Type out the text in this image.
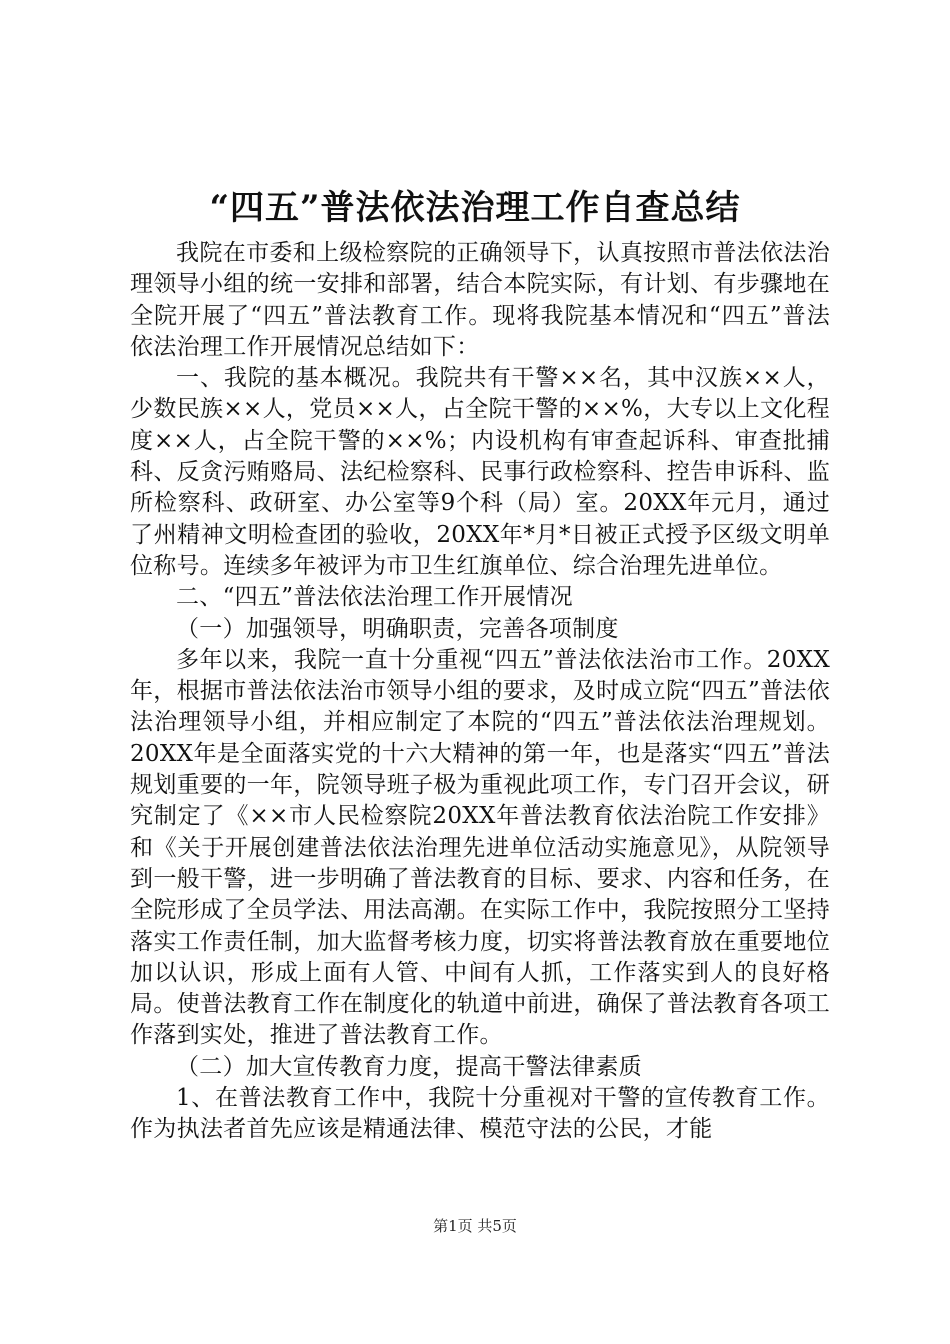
“四五”普法依法治理工作自查总结

我院在市委和上级检察院的正确领导下，认真按照市普法依法治理领导小组的统一安排和部署，结合本院实际，有计划、有步骤地在全院开展了“四五”普法教育工作。现将我院基本情况和“四五”普法依法治理工作开展情况总结如下：

一、我院的基本概况。我院共有干警××名，其中汉族××人，少数民族××人，党员××人，占全院干警的××%，大专以上文化程度××人，占全院干警的××%；内设机构有审查起诉科、审查批捕科、反贪污贿赂局、法纪检察科、民事行政检察科、控告申诉科、监所检察科、政研室、办公室等9个科（局）室。20XX年元月，通过了州精神文明检查团的验收，20XX年*月*日被正式授予区级文明单位称号。连续多年被评为市卫生红旗单位、综合治理先进单位。

二、“四五”普法依法治理工作开展情况

（一）加强领导，明确职责，完善各项制度

多年以来，我院一直十分重视“四五”普法依法治市工作。20XX年，根据市普法依法治市领导小组的要求，及时成立院“四五”普法依法治理领导小组，并相应制定了本院的“四五”普法依法治理规划。20XX年是全面落实党的十六大精神的第一年，也是落实“四五”普法规划重要的一年，院领导班子极为重视此项工作，专门召开会议，研究制定了《××市人民检察院20XX年普法教育依法治院工作安排》和《关于开展创建普法依法治理先进单位活动实施意见》，从院领导到一般干警，进一步明确了普法教育的目标、要求、内容和任务，在全院形成了全员学法、用法高潮。在实际工作中，我院按照分工坚持落实工作责任制，加大监督考核力度，切实将普法教育放在重要地位加以认识，形成上面有人管、中间有人抓，工作落实到人的良好格局。使普法教育工作在制度化的轨道中前进，确保了普法教育各项工作落到实处，推进了普法教育工作。

（二）加大宣传教育力度，提高干警法律素质

1、在普法教育工作中，我院十分重视对干警的宣传教育工作。作为执法者首先应该是精通法律、模范守法的公民，才能

第1页 共5页
